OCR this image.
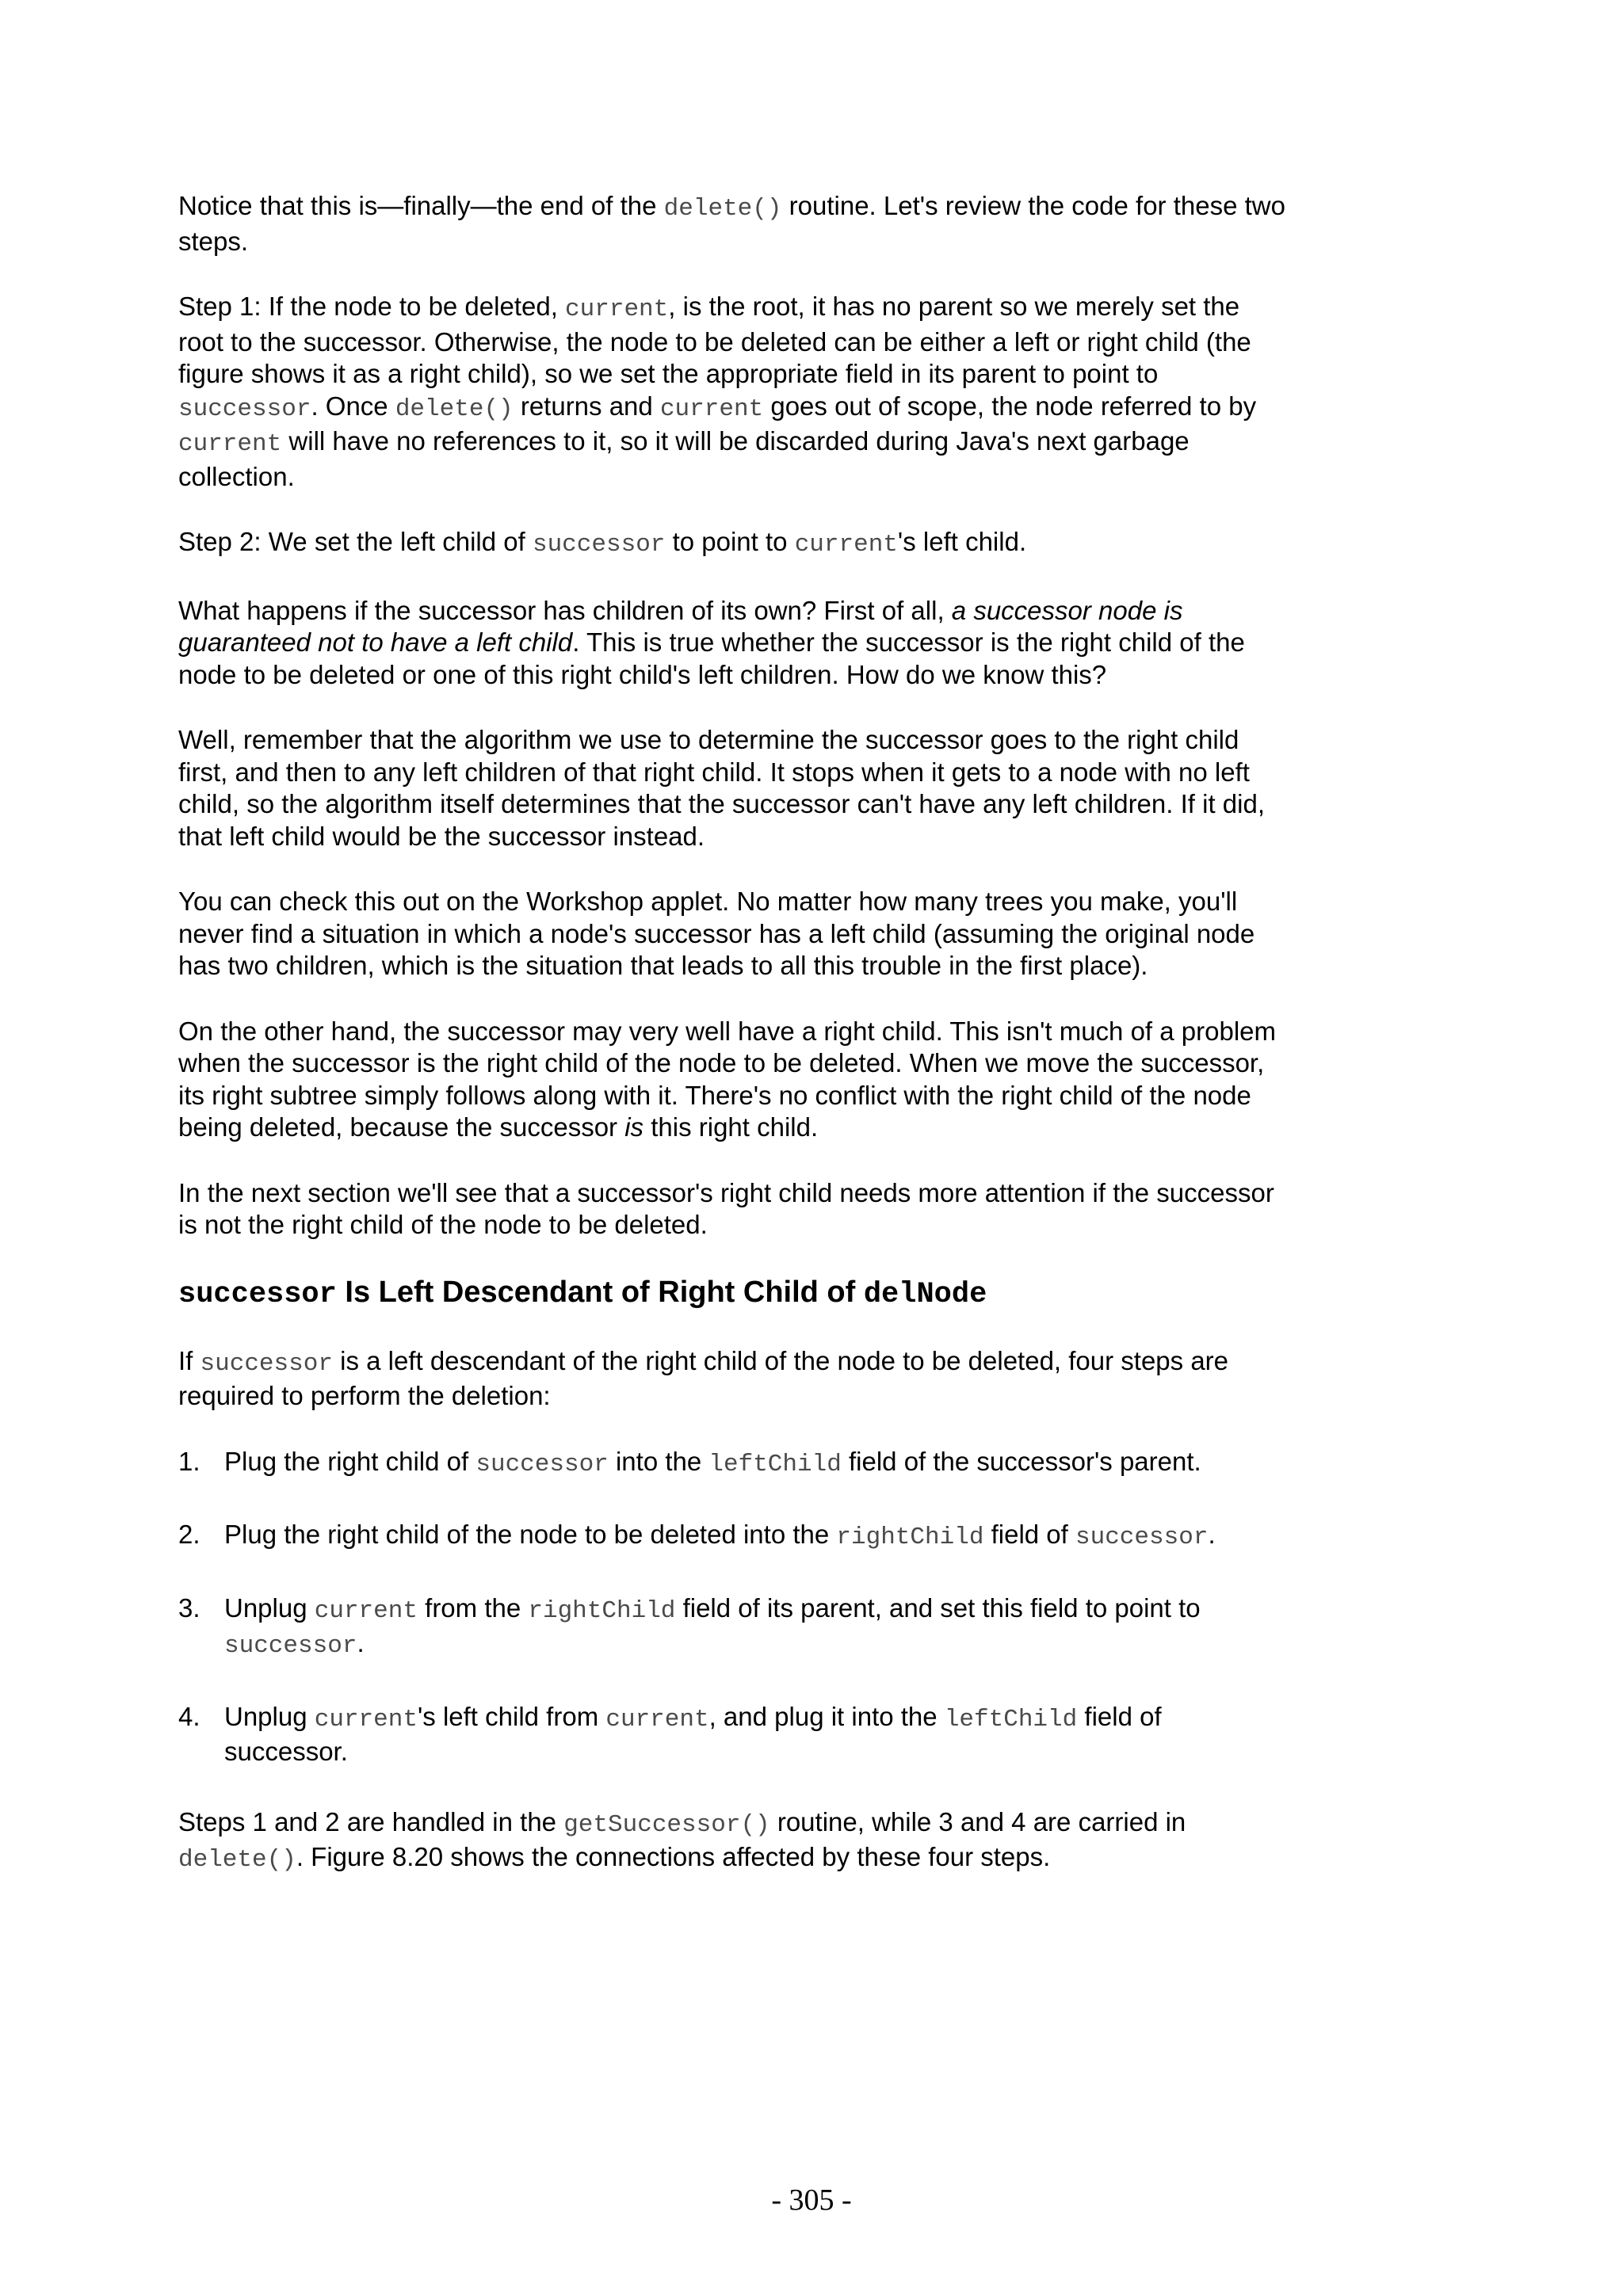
Notice that this is—finally—the end of the delete() routine. Let's review the code for these two steps.

Step 1: If the node to be deleted, current, is the root, it has no parent so we merely set the root to the successor. Otherwise, the node to be deleted can be either a left or right child (the figure shows it as a right child), so we set the appropriate field in its parent to point to successor. Once delete() returns and current goes out of scope, the node referred to by current will have no references to it, so it will be discarded during Java's next garbage collection.

Step 2: We set the left child of successor to point to current's left child.

What happens if the successor has children of its own? First of all, a successor node is guaranteed not to have a left child. This is true whether the successor is the right child of the node to be deleted or one of this right child's left children. How do we know this?

Well, remember that the algorithm we use to determine the successor goes to the right child first, and then to any left children of that right child. It stops when it gets to a node with no left child, so the algorithm itself determines that the successor can't have any left children. If it did, that left child would be the successor instead.

You can check this out on the Workshop applet. No matter how many trees you make, you'll never find a situation in which a node's successor has a left child (assuming the original node has two children, which is the situation that leads to all this trouble in the first place).

On the other hand, the successor may very well have a right child. This isn't much of a problem when the successor is the right child of the node to be deleted. When we move the successor, its right subtree simply follows along with it. There's no conflict with the right child of the node being deleted, because the successor is this right child.

In the next section we'll see that a successor's right child needs more attention if the successor is not the right child of the node to be deleted.

successor Is Left Descendant of Right Child of delNode

If successor is a left descendant of the right child of the node to be deleted, four steps are required to perform the deletion:

1. Plug the right child of successor into the leftChild field of the successor's parent.
2. Plug the right child of the node to be deleted into the rightChild field of successor.
3. Unplug current from the rightChild field of its parent, and set this field to point to successor.
4. Unplug current's left child from current, and plug it into the leftChild field of successor.

Steps 1 and 2 are handled in the getSuccessor() routine, while 3 and 4 are carried in delete(). Figure 8.20 shows the connections affected by these four steps.

- 305 -
